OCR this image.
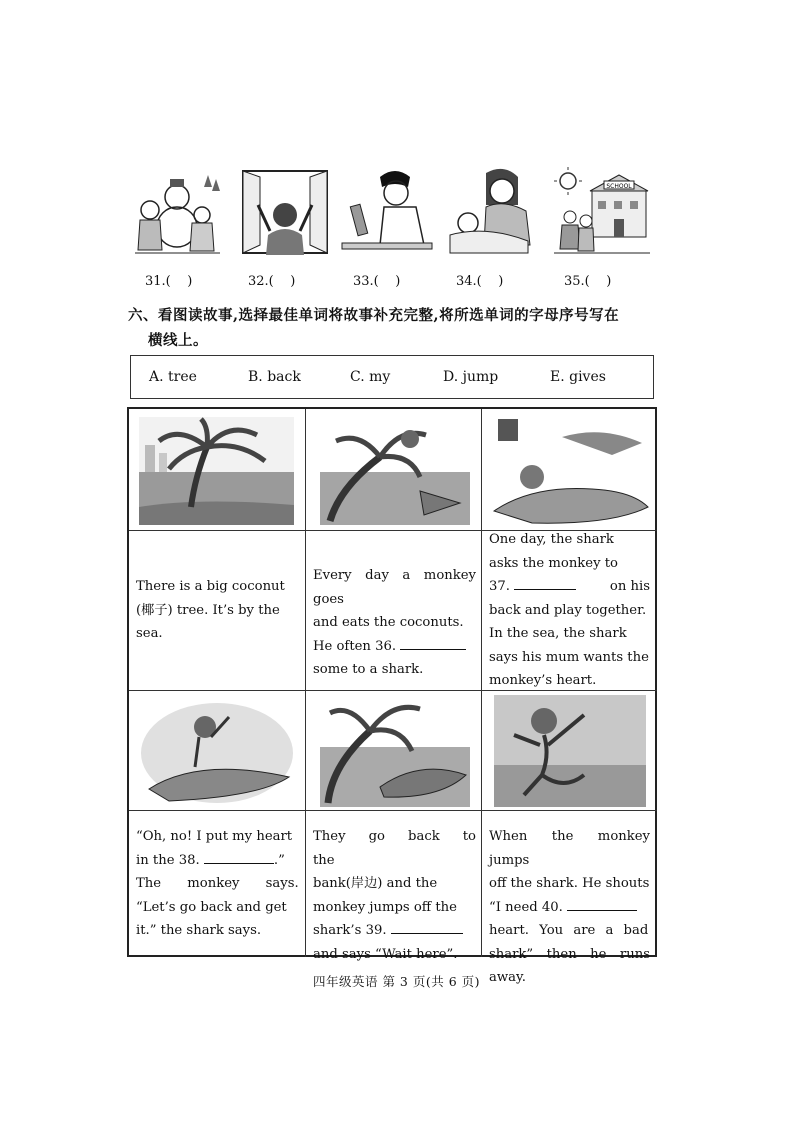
SCHOOL
31.(    )	32.(    )	33.(    )	34.(    )	35.(    )
六、看图读故事,选择最佳单词将故事补充完整,将所选单词的字母序号写在
横线上。
A. tree	B. back	C. my	D. jump	E. gives
There is a big coconut
(椰子) tree. It’s by the
sea.
Every day a monkey goes
and eats the coconuts.
He often 36.
some to a shark.
One day, the shark
asks the monkey to
37.	on his
back and play together.
In the sea, the shark
says his mum wants the
monkey’s heart.
“Oh, no! I put my heart
in the 38.	.”
The monkey says.
“Let’s go back and get
it.” the shark says.
They go back to the
bank(岸边) and the
monkey jumps off the
shark’s 39.
and says “Wait here”.
When the monkey jumps
off the shark. He shouts
“I need 40.
heart. You are a bad
shark” then he runs away.
四年级英语 第 3 页(共 6 页)
